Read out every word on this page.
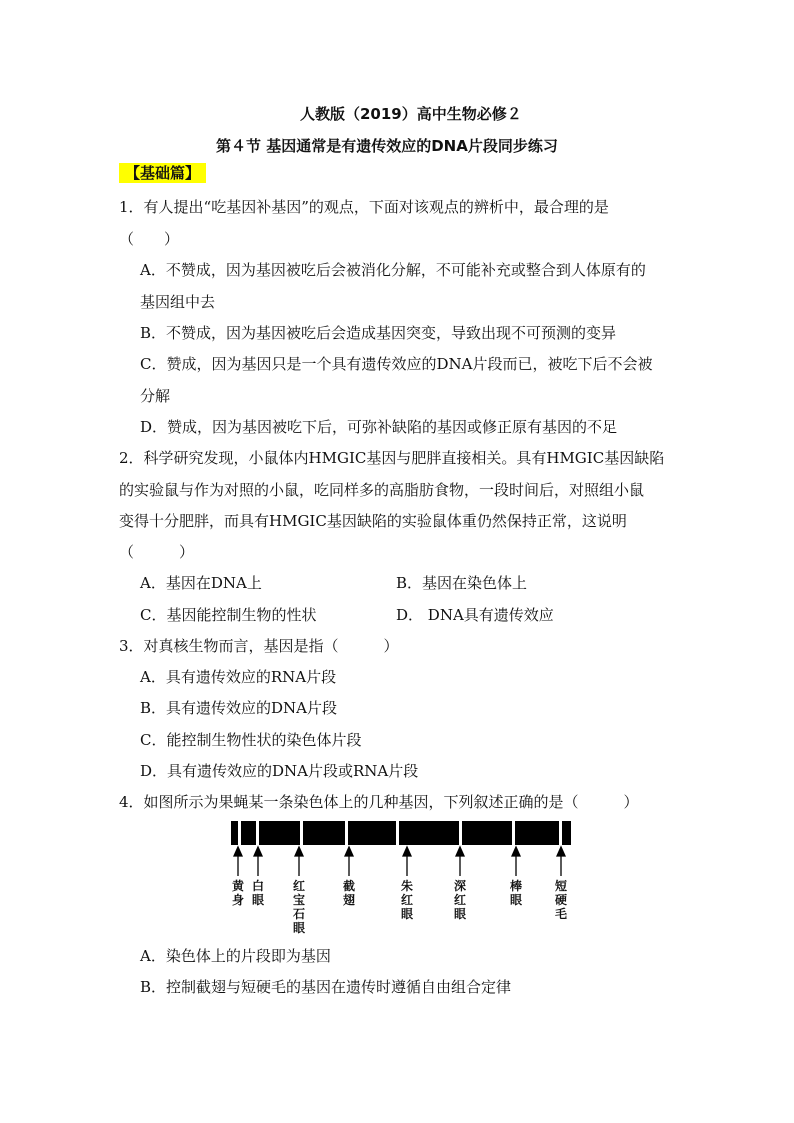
人教版（2019）高中生物必修２
第４节 基因通常是有遗传效应的DNA片段同步练习
【基础篇】
1．有人提出“吃基因补基因”的观点，下面对该观点的辨析中，最合理的是
（　　）
A．不赞成，因为基因被吃后会被消化分解，不可能补充或整合到人体原有的
基因组中去
B．不赞成，因为基因被吃后会造成基因突变，导致出现不可预测的变异
C．赞成，因为基因只是一个具有遗传效应的DNA片段而已，被吃下后不会被
分解
D．赞成，因为基因被吃下后，可弥补缺陷的基因或修正原有基因的不足
2．科学研究发现，小鼠体内HMGIC基因与肥胖直接相关。具有HMGIC基因缺陷
的实验鼠与作为对照的小鼠，吃同样多的高脂肪食物，一段时间后，对照组小鼠
变得十分肥胖，而具有HMGIC基因缺陷的实验鼠体重仍然保持正常，这说明
（　　　）
A．基因在DNA上	B．基因在染色体上
C．基因能控制生物的性状	D． DNA具有遗传效应
3．对真核生物而言，基因是指（　　　）
A．具有遗传效应的RNA片段
B．具有遗传效应的DNA片段
C．能控制生物性状的染色体片段
D．具有遗传效应的DNA片段或RNA片段
4．如图所示为果蝇某一条染色体上的几种基因，下列叙述正确的是（　　　）
黄身
白眼
红宝石眼
截翅
朱红眼
深红眼
棒眼
短硬毛
A．染色体上的片段即为基因
B．控制截翅与短硬毛的基因在遗传时遵循自由组合定律
